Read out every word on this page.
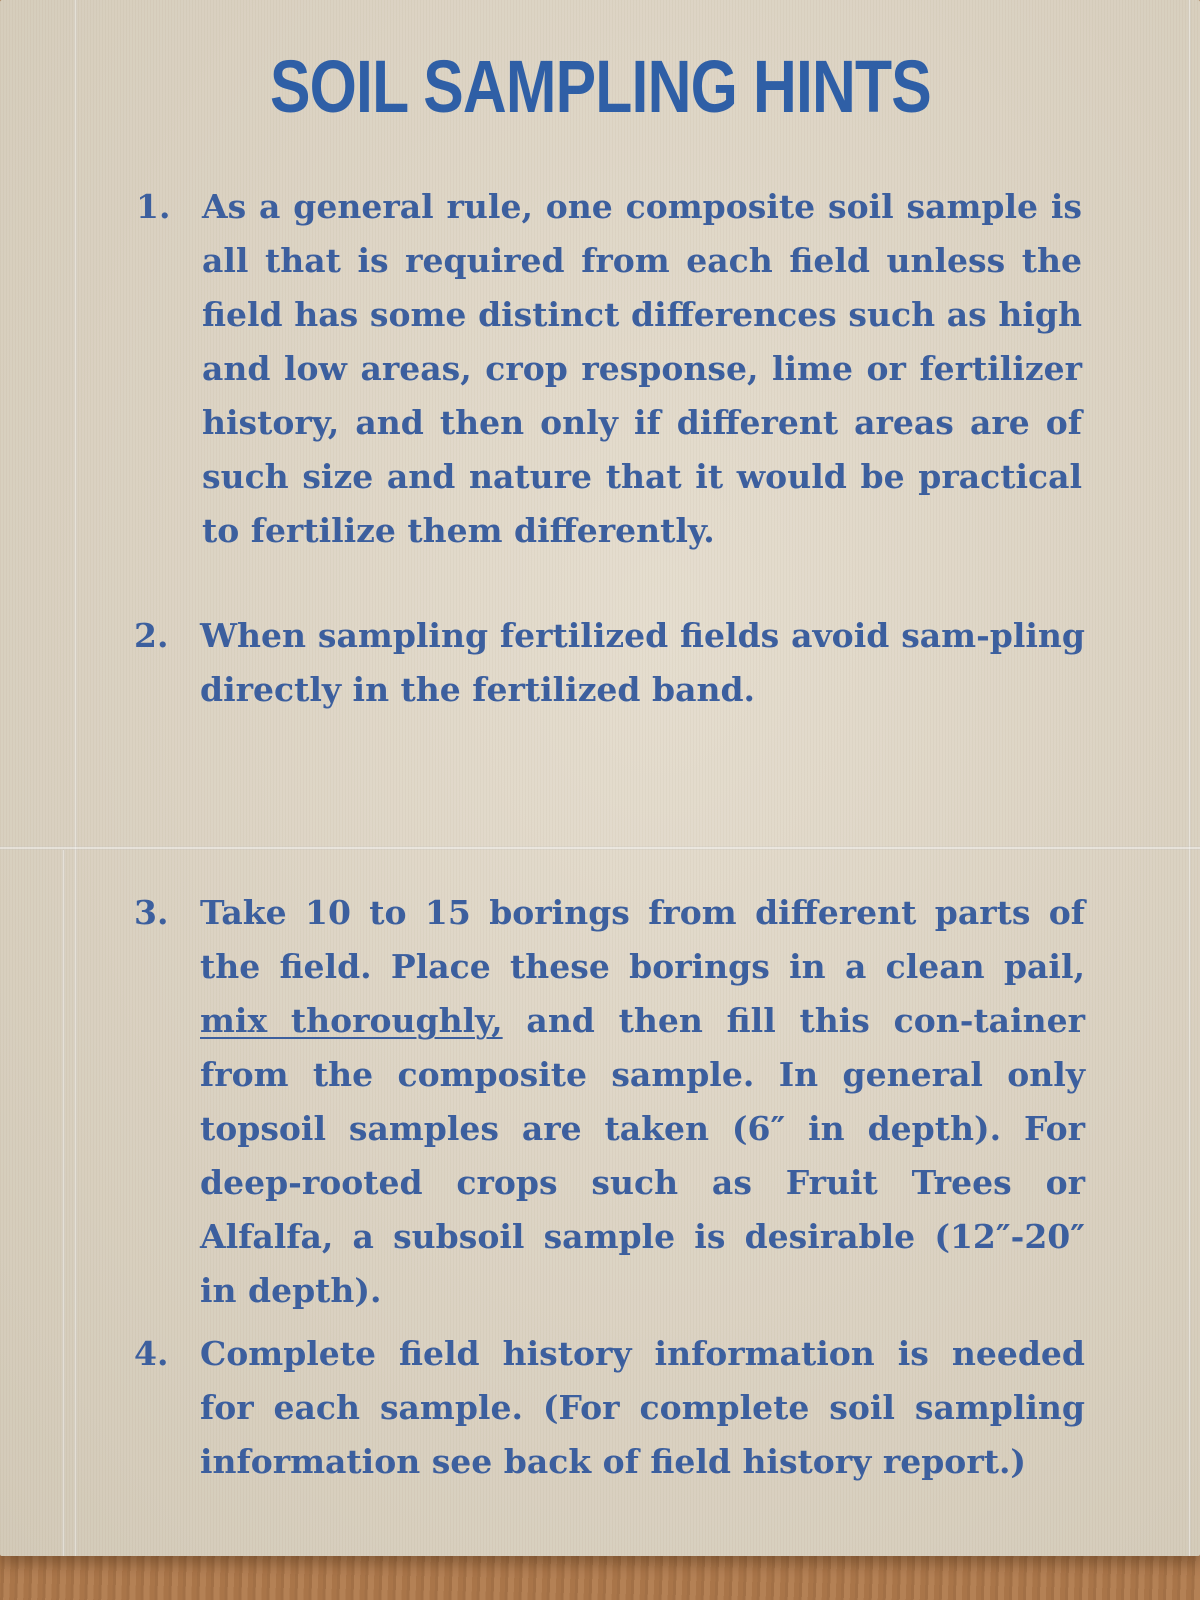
SOIL SAMPLING HINTS
1. As a general rule, one composite soil sample is all that is required from each field unless the field has some distinct differences such as high and low areas, crop response, lime or fertilizer history, and then only if different areas are of such size and nature that it would be practical to fertilize them differently.

2. When sampling fertilized fields avoid sam-pling directly in the fertilized band.

3. Take 10 to 15 borings from different parts of the field. Place these borings in a clean pail, mix thoroughly, and then fill this con-tainer from the composite sample. In general only topsoil samples are taken (6″ in depth). For deep-rooted crops such as Fruit Trees or Alfalfa, a subsoil sample is desirable (12″-20″ in depth).

4. Complete field history information is needed for each sample. (For complete soil sampling information see back of field history report.)
